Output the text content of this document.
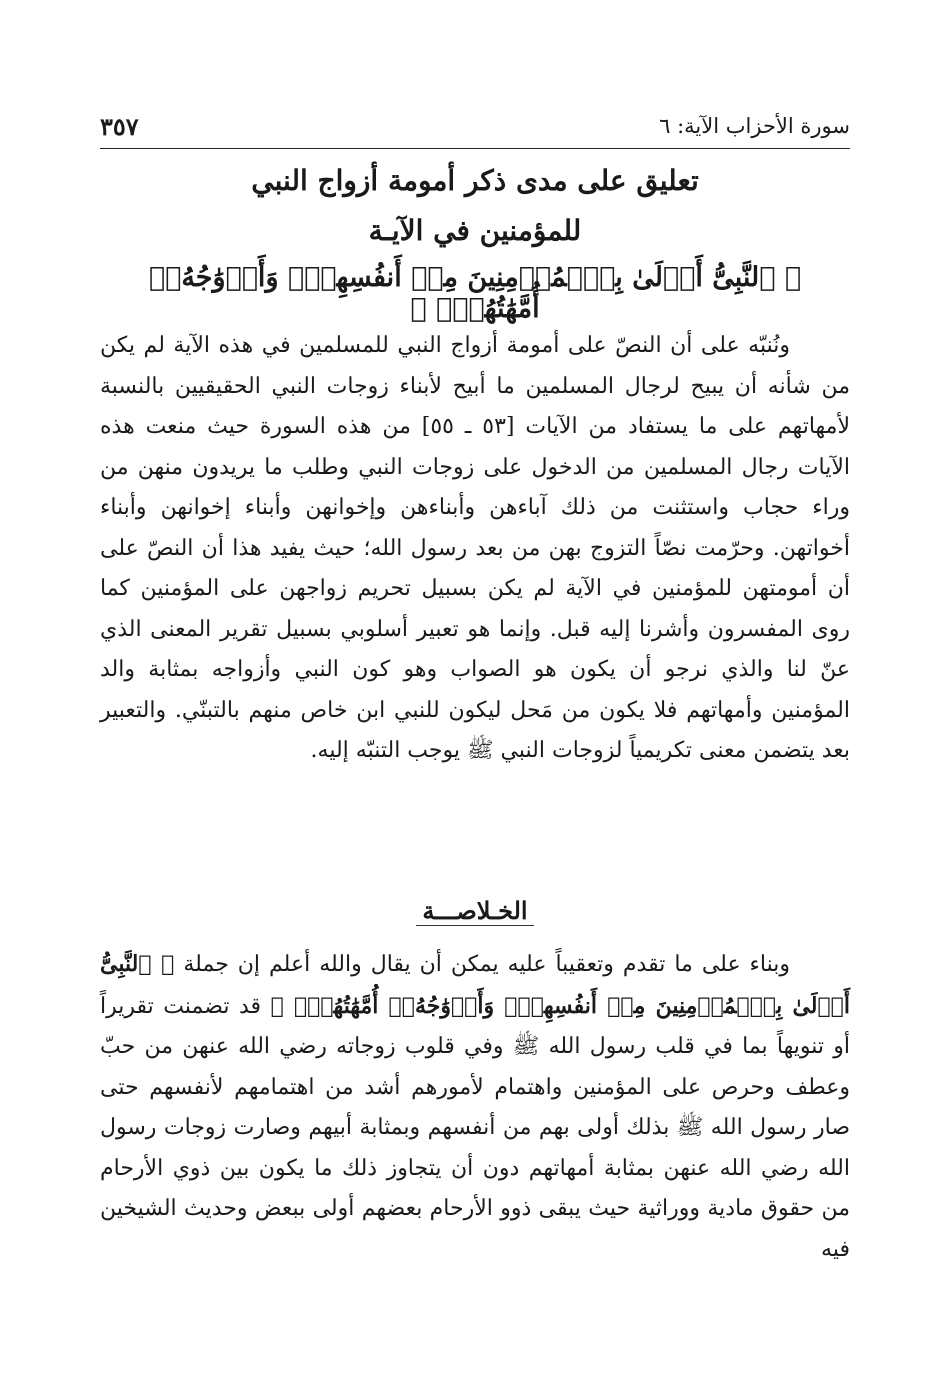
سورة الأحزاب الآية: ٦
٣٥٧
تعليق على مدى ذكر أمومة أزواج النبي
للمؤمنين في الآيـة
﴿ ٱلنَّبِىُّ أَوۡلَىٰ بِٱلۡمُؤۡمِنِينَ مِنۡ أَنفُسِهِمۡۖ وَأَزۡوَٰجُهُۥٓ أُمَّهَٰتُهُمۡۗ ﴾

ونُنبّه على أن النصّ على أمومة أزواج النبي للمسلمين في هذه الآية لم يكن من شأنه أن يبيح لرجال المسلمين ما أبيح لأبناء زوجات النبي الحقيقيين بالنسبة لأمهاتهم على ما يستفاد من الآيات [٥٣ ـ ٥٥] من هذه السورة حيث منعت هذه الآيات رجال المسلمين من الدخول على زوجات النبي وطلب ما يريدون منهن من وراء حجاب واستثنت من ذلك آباءهن وأبناءهن وإخوانهن وأبناء إخوانهن وأبناء أخواتهن. وحرّمت نصّاً التزوج بهن من بعد رسول الله؛ حيث يفيد هذا أن النصّ على أن أمومتهن للمؤمنين في الآية لم يكن بسبيل تحريم زواجهن على المؤمنين كما روى المفسرون وأشرنا إليه قبل. وإنما هو تعبير أسلوبي بسبيل تقرير المعنى الذي عنّ لنا والذي نرجو أن يكون هو الصواب وهو كون النبي وأزواجه بمثابة والد المؤمنين وأمهاتهم فلا يكون من مَحل ليكون للنبي ابن خاص منهم بالتبنّي. والتعبير بعد يتضمن معنى تكريمياً لزوجات النبي ﷺ يوجب التنبّه إليه.

الخـلاصـــة

وبناء على ما تقدم وتعقيباً عليه يمكن أن يقال والله أعلم إن جملة ﴿ ٱلنَّبِىُّ أَوۡلَىٰ بِٱلۡمُؤۡمِنِينَ مِنۡ أَنفُسِهِمۡۖ وَأَزۡوَٰجُهُۥٓ أُمَّهَٰتُهُمۡۗ ﴾ قد تضمنت تقريراً أو تنويهاً بما في قلب رسول الله ﷺ وفي قلوب زوجاته رضي الله عنهن من حبّ وعطف وحرص على المؤمنين واهتمام لأمورهم أشد من اهتمامهم لأنفسهم حتى صار رسول الله ﷺ بذلك أولى بهم من أنفسهم وبمثابة أبيهم وصارت زوجات رسول الله رضي الله عنهن بمثابة أمهاتهم دون أن يتجاوز ذلك ما يكون بين ذوي الأرحام من حقوق مادية ووراثية حيث يبقى ذوو الأرحام بعضهم أولى ببعض وحديث الشيخين فيه
